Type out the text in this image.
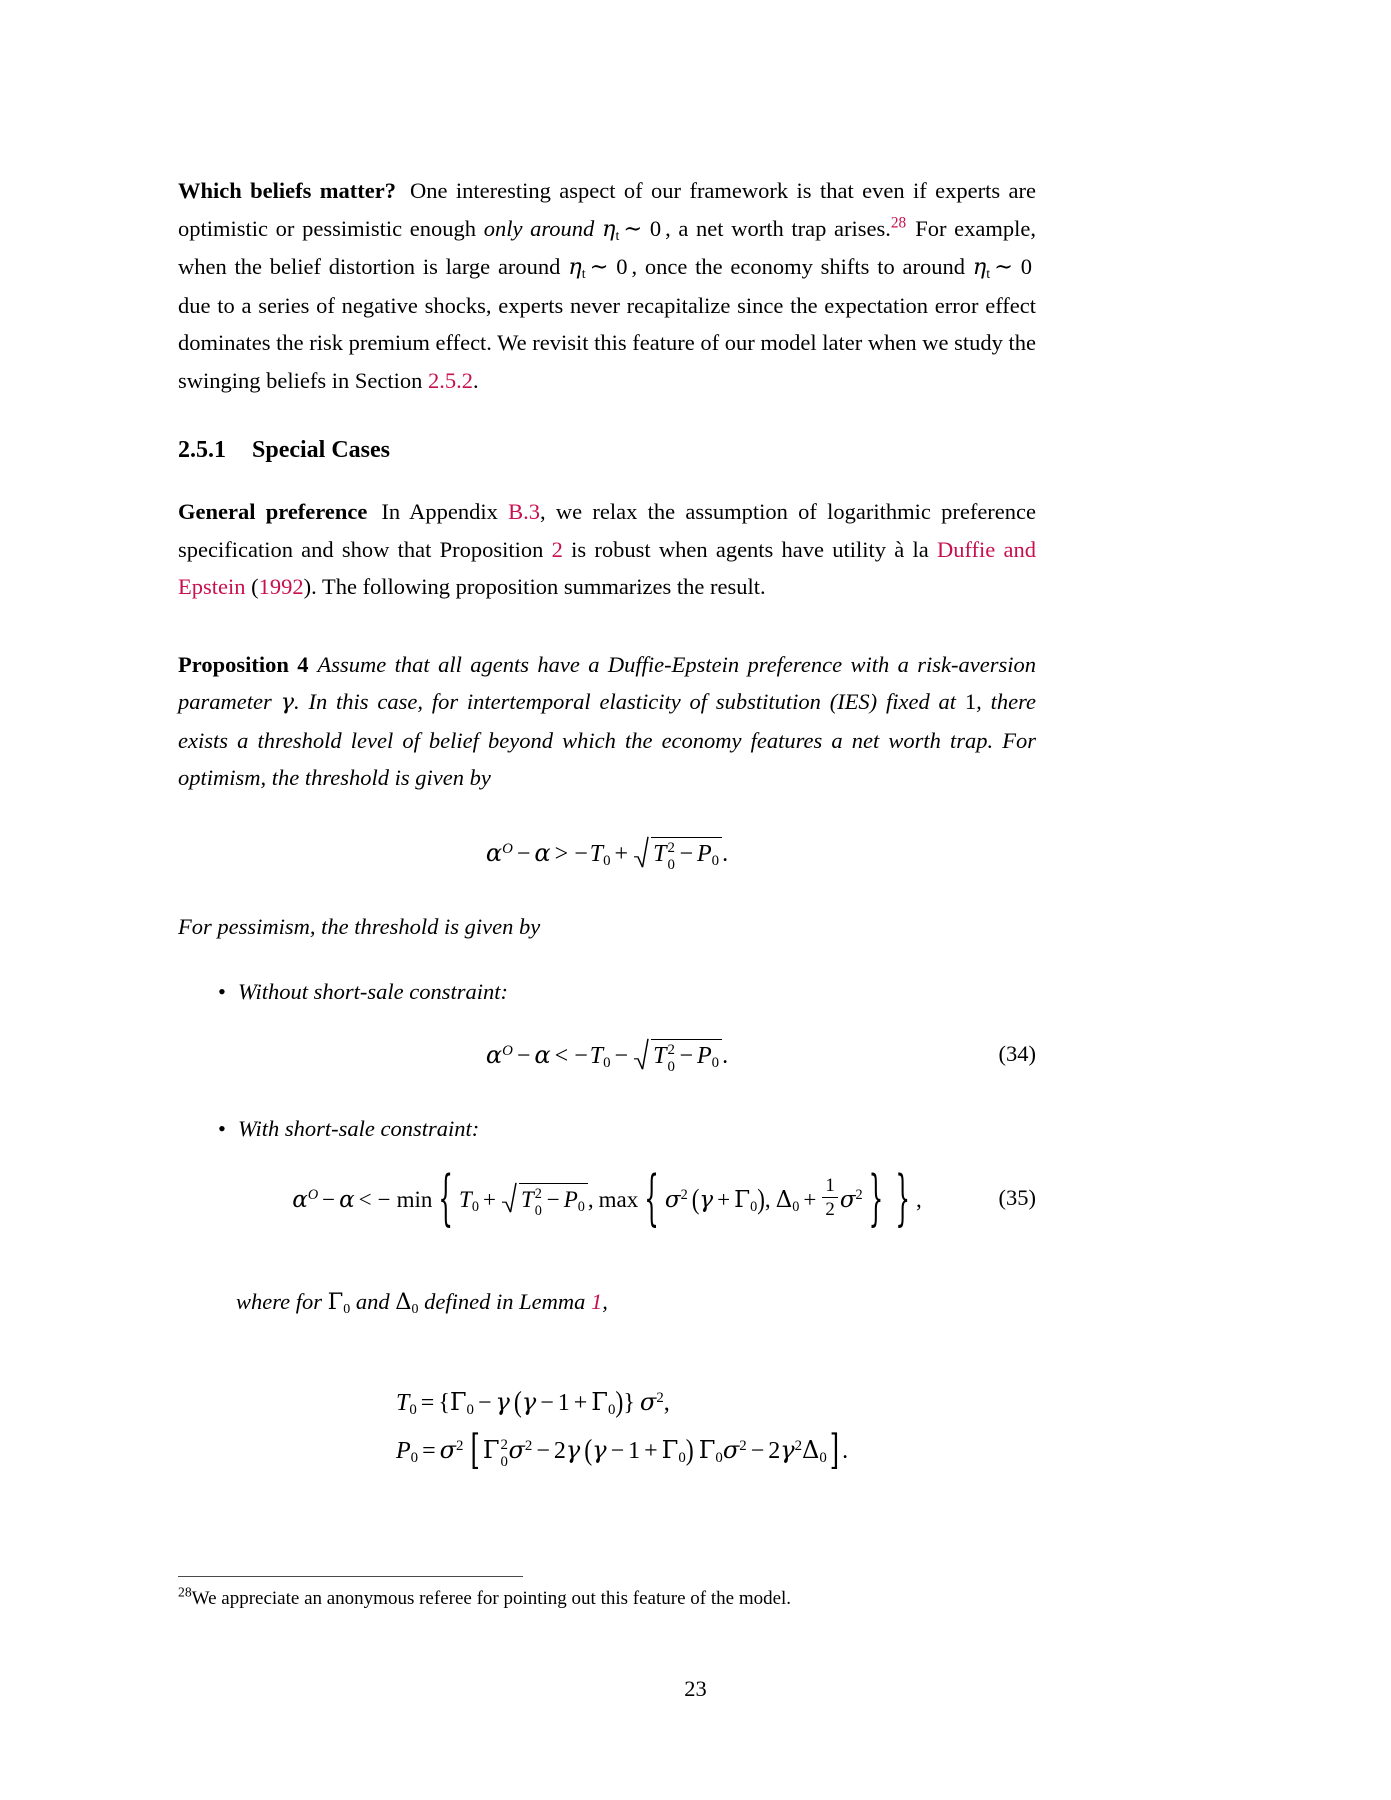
Which beliefs matter? One interesting aspect of our framework is that even if experts are optimistic or pessimistic enough only around $\eta_t$ ∼ 0 , a net worth trap arises.$^{28}$ For example, when the belief distortion is large around $\eta_t$ ∼ 0 , once the economy shifts to around $\eta_t$ ∼ 0 due to a series of negative shocks, experts never recapitalize since the expectation error effect dominates the risk premium effect. We revisit this feature of our model later when we study the swinging beliefs in Section 2.5.2.

2.5.1 Special Cases

General preference In Appendix B.3, we relax the assumption of logarithmic preference specification and show that Proposition 2 is robust when agents have utility à la Duffie and Epstein (1992). The following proposition summarizes the result.

Proposition 4 Assume that all agents have a Duffie-Epstein preference with a risk-aversion parameter γ. In this case, for intertemporal elasticity of substitution (IES) fixed at 1, there exists a threshold level of belief beyond which the economy features a net worth trap. For optimism, the threshold is given by

$\alpha^O - \alpha > -T_0 + T$ 0
$2 - P_0$ .

For pessimism, the threshold is given by

• Without short-sale constraint:
$\alpha^O - \alpha < -T_0 - T$ 0
$2 - P_0$ .	(34)
• With short-sale constraint:
$\alpha^O - \alpha$ < − min { $T_0 + T$ 0
$2 - P_0$ , max { $\sigma^2$ $(\gamma + \Gamma_0)$, $\Delta_0 + \frac{1}{2} \sigma^2$ } } ,	(35)

where for $\Gamma_0$ and $\Delta_0$ defined in Lemma 1,

$T_0 = \{\Gamma_0 - \gamma$ $(\gamma - 1 + \Gamma_0)$} $\sigma^2$,
$P_0 = \sigma^2$ [ Γ 0
2 $\sigma^2 - 2\gamma$ $(\gamma - 1 + \Gamma_0)$ $\Gamma_0\sigma^2 - 2\gamma^2\Delta_0$ ] .

$^{28}$We appreciate an anonymous referee for pointing out this feature of the model.

23
